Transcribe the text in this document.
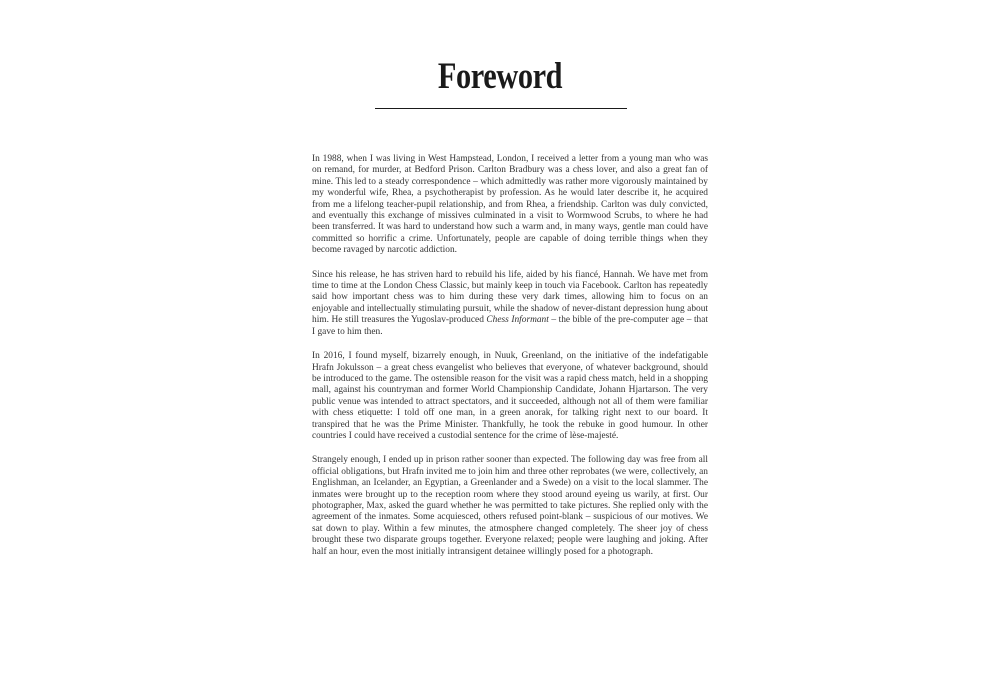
Foreword

In 1988, when I was living in West Hampstead, London, I received a letter from a young man who was on remand, for murder, at Bedford Prison. Carlton Bradbury was a chess lover, and also a great fan of mine. This led to a steady correspondence – which admittedly was rather more vigorously maintained by my wonderful wife, Rhea, a psychotherapist by profession. As he would later describe it, he acquired from me a lifelong teacher-pupil relationship, and from Rhea, a friendship. Carlton was duly convicted, and eventually this exchange of missives culminated in a visit to Wormwood Scrubs, to where he had been transferred. It was hard to understand how such a warm and, in many ways, gentle man could have committed so horrific a crime. Unfortunately, people are capable of doing terrible things when they become ravaged by narcotic addiction.

Since his release, he has striven hard to rebuild his life, aided by his fiancé, Hannah. We have met from time to time at the London Chess Classic, but mainly keep in touch via Facebook. Carlton has repeatedly said how important chess was to him during these very dark times, allowing him to focus on an enjoyable and intellectually stimulating pursuit, while the shadow of never-distant depression hung about him. He still treasures the Yugoslav-produced Chess Informant – the bible of the pre-computer age – that I gave to him then.

In 2016, I found myself, bizarrely enough, in Nuuk, Greenland, on the initiative of the indefatigable Hrafn Jokulsson – a great chess evangelist who believes that everyone, of whatever background, should be introduced to the game. The ostensible reason for the visit was a rapid chess match, held in a shopping mall, against his countryman and former World Championship Candidate, Johann Hjartarson. The very public venue was intended to attract spectators, and it succeeded, although not all of them were familiar with chess etiquette: I told off one man, in a green anorak, for talking right next to our board. It transpired that he was the Prime Minister. Thankfully, he took the rebuke in good humour. In other countries I could have received a custodial sentence for the crime of lèse-majesté.

Strangely enough, I ended up in prison rather sooner than expected. The following day was free from all official obligations, but Hrafn invited me to join him and three other reprobates (we were, collectively, an Englishman, an Icelander, an Egyptian, a Greenlander and a Swede) on a visit to the local slammer. The inmates were brought up to the reception room where they stood around eyeing us warily, at first. Our photographer, Max, asked the guard whether he was permitted to take pictures. She replied only with the agreement of the inmates. Some acquiesced, others refused point-blank – suspicious of our motives. We sat down to play. Within a few minutes, the atmosphere changed completely. The sheer joy of chess brought these two disparate groups together. Everyone relaxed; people were laughing and joking. After half an hour, even the most initially intransigent detainee willingly posed for a photograph.
